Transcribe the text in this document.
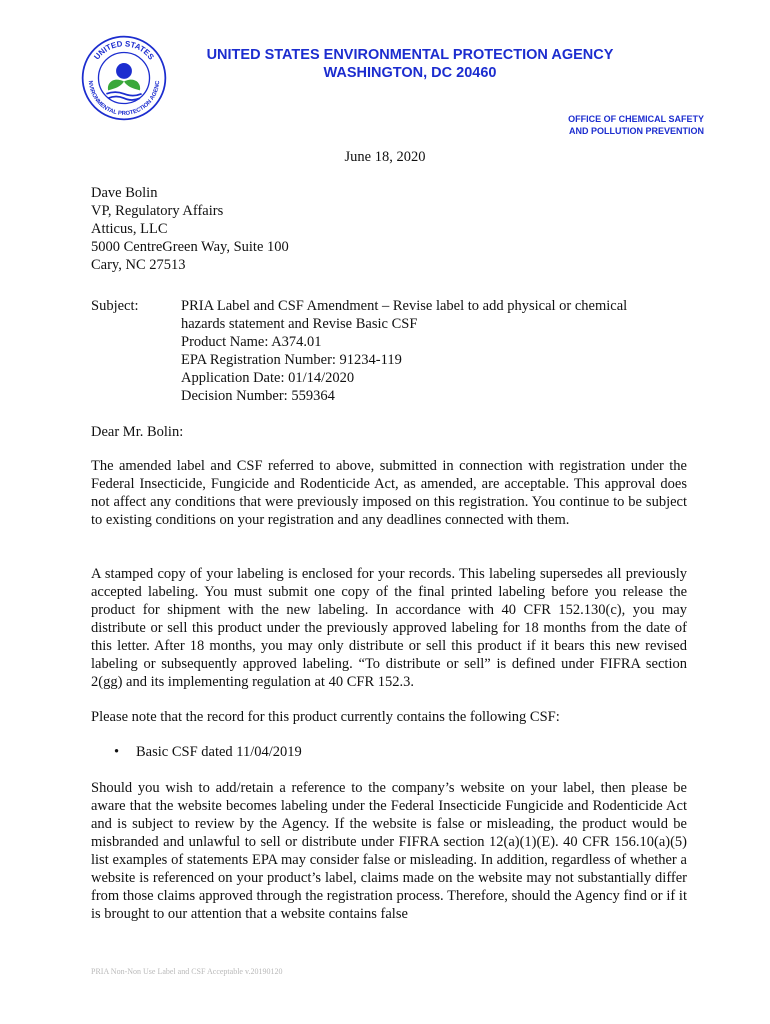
UNITED STATES
NVIRONMENTAL PROTECTION AGENC
UNITED STATES ENVIRONMENTAL PROTECTION AGENCY
WASHINGTON, DC 20460
OFFICE OF CHEMICAL SAFETY
AND POLLUTION PREVENTION
June 18, 2020
Dave Bolin
VP, Regulatory Affairs
Atticus, LLC
5000 CentreGreen Way, Suite 100
Cary, NC 27513
Subject:	PRIA Label and CSF Amendment – Revise label to add physical or chemical
hazards statement and Revise Basic CSF
Product Name: A374.01
EPA Registration Number: 91234-119
Application Date: 01/14/2020
Decision Number: 559364
Dear Mr. Bolin:
The amended label and CSF referred to above, submitted in connection with registration under the Federal Insecticide, Fungicide and Rodenticide Act, as amended, are acceptable. This approval does not affect any conditions that were previously imposed on this registration. You continue to be subject to existing conditions on your registration and any deadlines connected with them.
A stamped copy of your labeling is enclosed for your records. This labeling supersedes all previously accepted labeling. You must submit one copy of the final printed labeling before you release the product for shipment with the new labeling. In accordance with 40 CFR 152.130(c), you may distribute or sell this product under the previously approved labeling for 18 months from the date of this letter. After 18 months, you may only distribute or sell this product if it bears this new revised labeling or subsequently approved labeling. “To distribute or sell” is defined under FIFRA section 2(gg) and its implementing regulation at 40 CFR 152.3.
Please note that the record for this product currently contains the following CSF:
• Basic CSF dated 11/04/2019
Should you wish to add/retain a reference to the company’s website on your label, then please be aware that the website becomes labeling under the Federal Insecticide Fungicide and Rodenticide Act and is subject to review by the Agency. If the website is false or misleading, the product would be misbranded and unlawful to sell or distribute under FIFRA section 12(a)(1)(E). 40 CFR 156.10(a)(5) list examples of statements EPA may consider false or misleading. In addition, regardless of whether a website is referenced on your product’s label, claims made on the website may not substantially differ from those claims approved through the registration process. Therefore, should the Agency find or if it is brought to our attention that a website contains false
PRIA Non-Non Use Label and CSF Acceptable v.20190120
